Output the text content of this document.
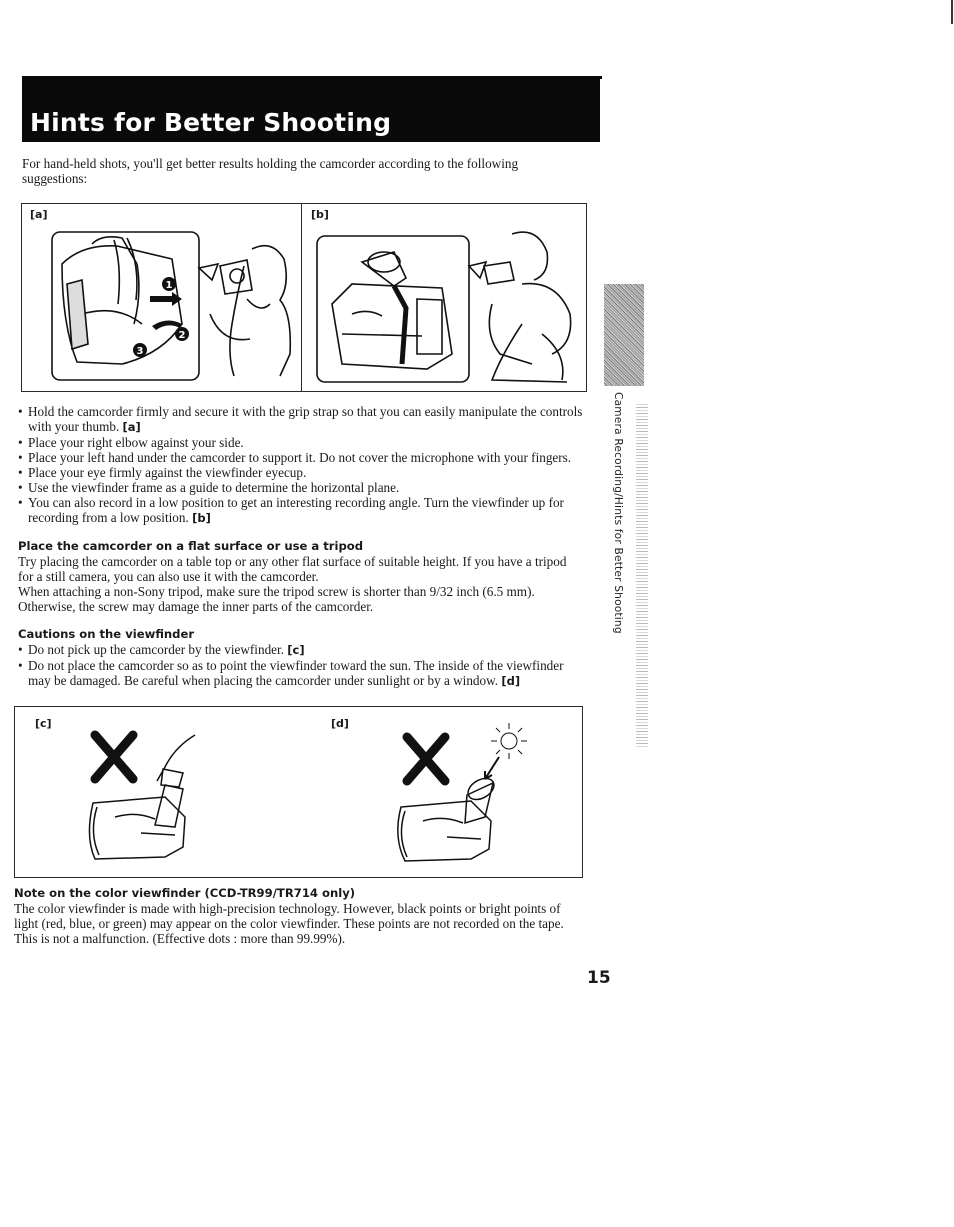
Hints for Better Shooting
For hand-held shots, you'll get better results holding the camcorder according to the following suggestions:
[a]	[b]
1
2
3
• Hold the camcorder firmly and secure it with the grip strap so that you can easily manipulate the controls with your thumb. [a]
• Place your right elbow against your side.
• Place your left hand under the camcorder to support it. Do not cover the microphone with your fingers.
• Place your eye firmly against the viewfinder eyecup.
• Use the viewfinder frame as a guide to determine the horizontal plane.
• You can also record in a low position to get an interesting recording angle. Turn the viewfinder up for recording from a low position. [b]
Place the camcorder on a flat surface or use a tripod
Try placing the camcorder on a table top or any other flat surface of suitable height. If you have a tripod for a still camera, you can also use it with the camcorder.
When attaching a non-Sony tripod, make sure the tripod screw is shorter than 9/32 inch (6.5 mm). Otherwise, the screw may damage the inner parts of the camcorder.
Cautions on the viewfinder
• Do not pick up the camcorder by the viewfinder. [c]
• Do not place the camcorder so as to point the viewfinder toward the sun. The inside of the viewfinder may be damaged. Be careful when placing the camcorder under sunlight or by a window. [d]
[c]	[d]
Note on the color viewfinder (CCD-TR99/TR714 only)
The color viewfinder is made with high-precision technology. However, black points or bright points of light (red, blue, or green) may appear on the color viewfinder. These points are not recorded on the tape. This is not a malfunction. (Effective dots : more than 99.99%).
Camera Recording/Hints for Better Shooting
15
